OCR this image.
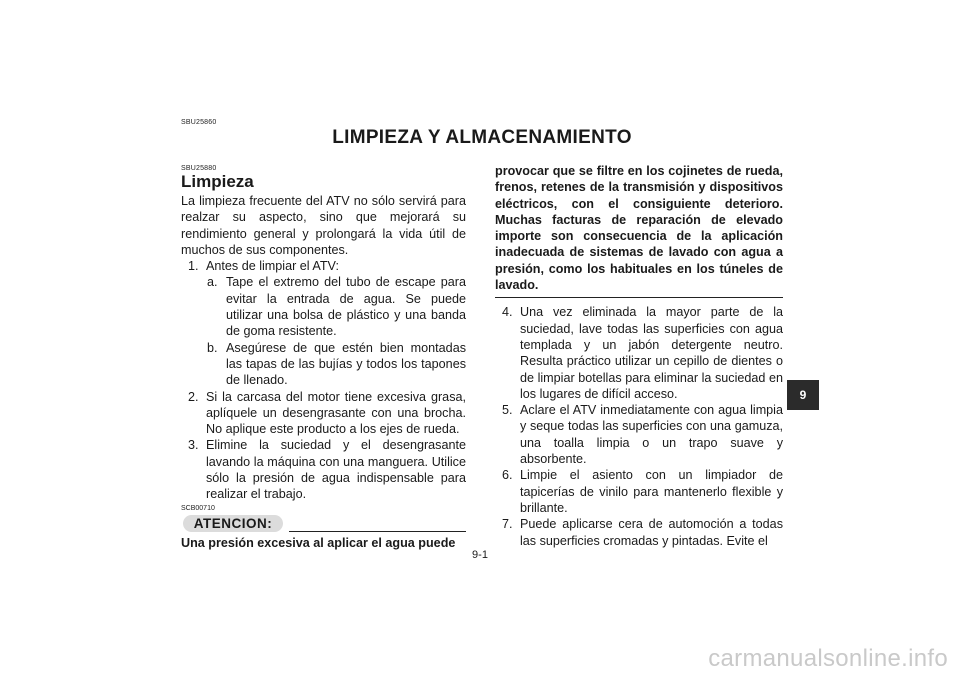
SBU25860
LIMPIEZA Y ALMACENAMIENTO
SBU25880
Limpieza

La limpieza frecuente del ATV no sólo servirá para realzar su aspecto, sino que mejorará su rendimiento general y prolongará la vida útil de muchos de sus componentes.

1. Antes de limpiar el ATV:
a. Tape el extremo del tubo de escape para evitar la entrada de agua. Se puede utilizar una bolsa de plástico y una banda de goma resistente.
b. Asegúrese de que estén bien montadas las tapas de las bujías y todos los tapones de llenado.
2. Si la carcasa del motor tiene excesiva grasa, aplíquele un desengrasante con una brocha. No aplique este producto a los ejes de rueda.
3. Elimine la suciedad y el desengrasante lavando la máquina con una manguera. Utilice sólo la presión de agua indispensable para realizar el trabajo.
SCB00710
ATENCION:

Una presión excesiva al aplicar el agua puede

provocar que se filtre en los cojinetes de rueda, frenos, retenes de la transmisión y dispositivos eléctricos, con el consiguiente deterioro. Muchas facturas de reparación de elevado importe son consecuencia de la aplicación inadecuada de sistemas de lavado con agua a presión, como los habituales en los túneles de lavado.

4. Una vez eliminada la mayor parte de la suciedad, lave todas las superficies con agua templada y un jabón detergente neutro. Resulta práctico utilizar un cepillo de dientes o de limpiar botellas para eliminar la suciedad en los lugares de difícil acceso.
5. Aclare el ATV inmediatamente con agua limpia y seque todas las superficies con una gamuza, una toalla limpia o un trapo suave y absorbente.
6. Limpie el asiento con un limpiador de tapicerías de vinilo para mantenerlo flexible y brillante.
7. Puede aplicarse cera de automoción a todas las superficies cromadas y pintadas. Evite el
9-1
9
carmanualsonline.info
